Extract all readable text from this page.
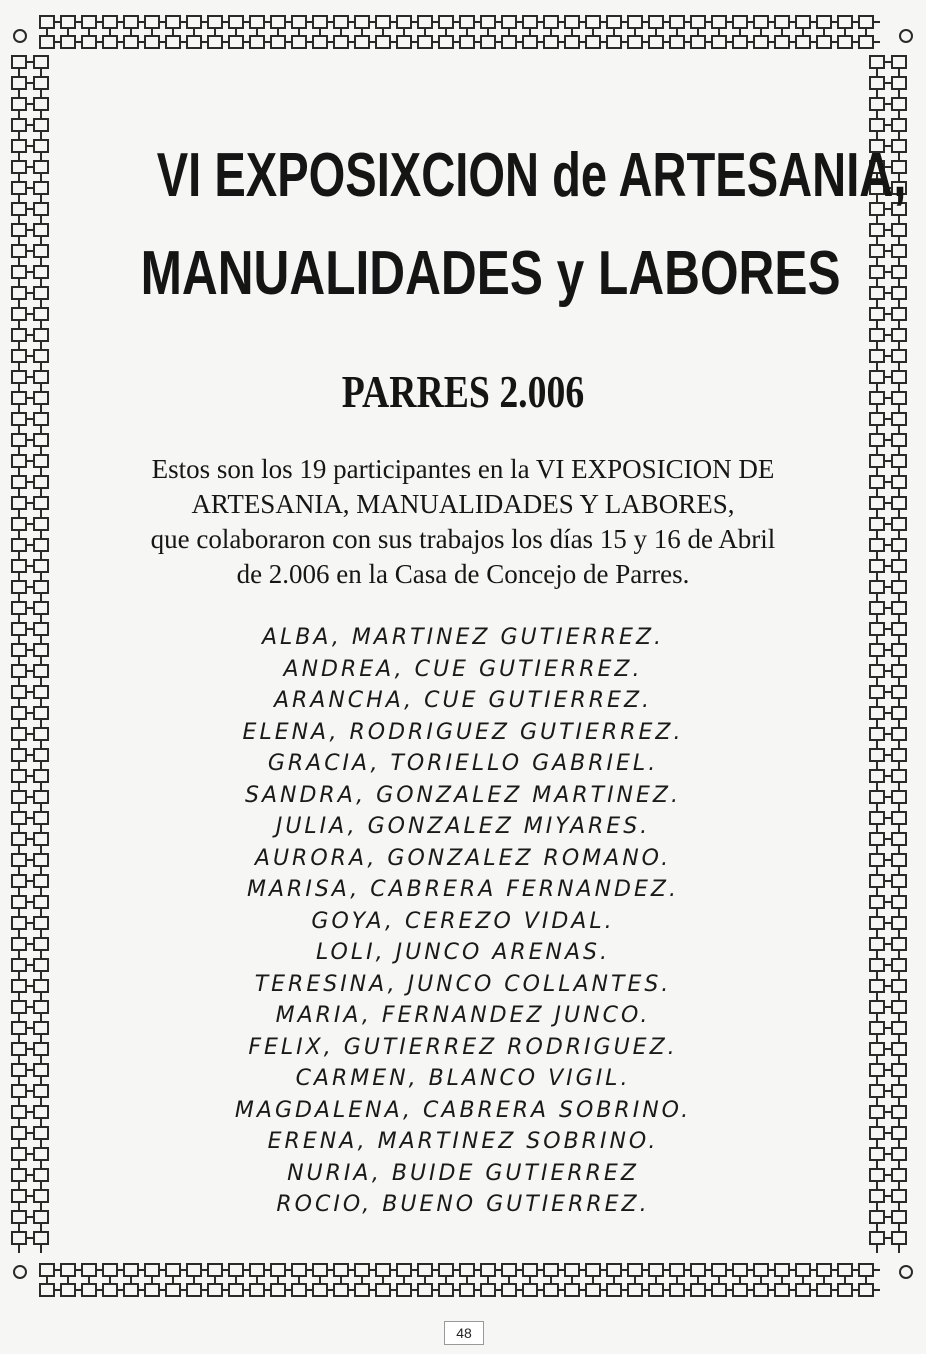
VI EXPOSIXCION de ARTESANIA,
MANUALIDADES y LABORES
PARRES 2.006
Estos son los 19 participantes en la VI EXPOSICION DE
ARTESANIA, MANUALIDADES Y LABORES,
que colaboraron con sus trabajos los días 15 y 16 de Abril
de 2.006 en la Casa de Concejo de Parres.
ALBA, MARTINEZ GUTIERREZ.
ANDREA, CUE GUTIERREZ.
ARANCHA, CUE GUTIERREZ.
ELENA, RODRIGUEZ GUTIERREZ.
GRACIA, TORIELLO GABRIEL.
SANDRA, GONZALEZ MARTINEZ.
JULIA, GONZALEZ MIYARES.
AURORA, GONZALEZ ROMANO.
MARISA, CABRERA FERNANDEZ.
GOYA, CEREZO VIDAL.
LOLI, JUNCO ARENAS.
TERESINA, JUNCO COLLANTES.
MARIA, FERNANDEZ JUNCO.
FELIX, GUTIERREZ RODRIGUEZ.
CARMEN, BLANCO VIGIL.
MAGDALENA, CABRERA SOBRINO.
ERENA, MARTINEZ SOBRINO.
NURIA, BUIDE GUTIERREZ
ROCIO, BUENO GUTIERREZ.
48
